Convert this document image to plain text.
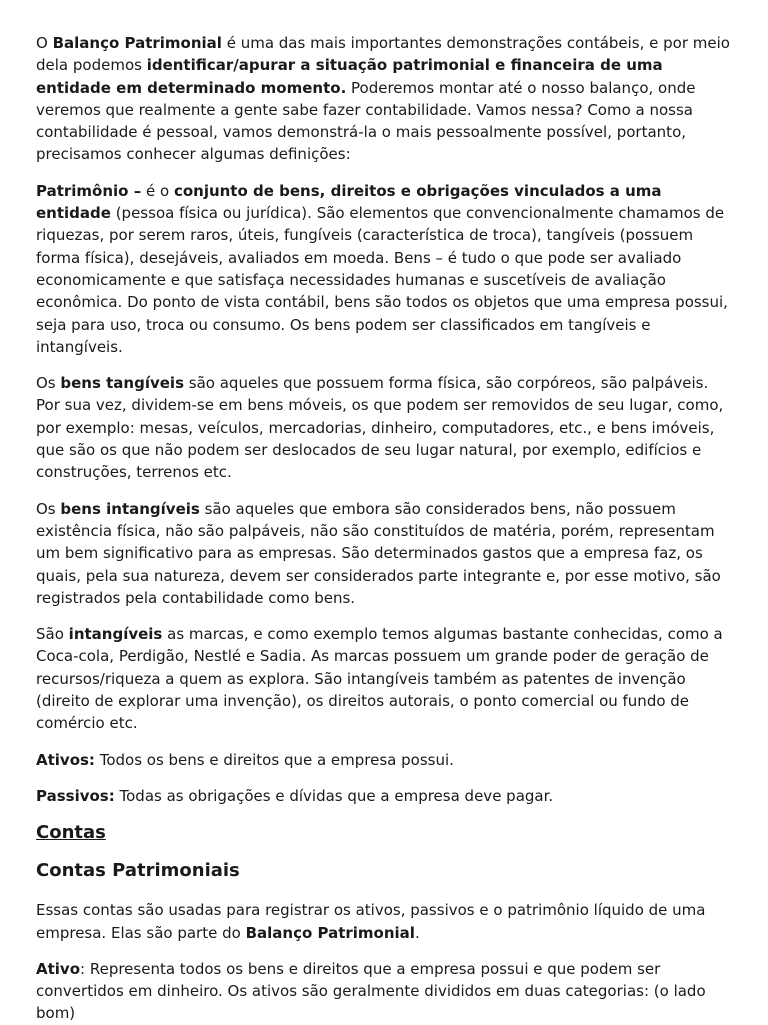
O Balanço Patrimonial é uma das mais importantes demonstrações contábeis, e por meio dela podemos identificar/apurar a situação patrimonial e financeira de uma entidade em determinado momento. Poderemos montar até o nosso balanço, onde veremos que realmente a gente sabe fazer contabilidade. Vamos nessa? Como a nossa contabilidade é pessoal, vamos demonstrá-la o mais pessoalmente possível, portanto, precisamos conhecer algumas definições:

Patrimônio – é o conjunto de bens, direitos e obrigações vinculados a uma entidade (pessoa física ou jurídica). São elementos que convencionalmente chamamos de riquezas, por serem raros, úteis, fungíveis (característica de troca), tangíveis (possuem forma física), desejáveis, avaliados em moeda. Bens – é tudo o que pode ser avaliado economicamente e que satisfaça necessidades humanas e suscetíveis de avaliação econômica. Do ponto de vista contábil, bens são todos os objetos que uma empresa possui, seja para uso, troca ou consumo. Os bens podem ser classificados em tangíveis e intangíveis.

Os bens tangíveis são aqueles que possuem forma física, são corpóreos, são palpáveis. Por sua vez, dividem-se em bens móveis, os que podem ser removidos de seu lugar, como, por exemplo: mesas, veículos, mercadorias, dinheiro, computadores, etc., e bens imóveis, que são os que não podem ser deslocados de seu lugar natural, por exemplo, edifícios e construções, terrenos etc.

Os bens intangíveis são aqueles que embora são considerados bens, não possuem existência física, não são palpáveis, não são constituídos de matéria, porém, representam um bem significativo para as empresas. São determinados gastos que a empresa faz, os quais, pela sua natureza, devem ser considerados parte integrante e, por esse motivo, são registrados pela contabilidade como bens.

São intangíveis as marcas, e como exemplo temos algumas bastante conhecidas, como a Coca-cola, Perdigão, Nestlé e Sadia. As marcas possuem um grande poder de geração de recursos/riqueza a quem as explora. São intangíveis também as patentes de invenção (direito de explorar uma invenção), os direitos autorais, o ponto comercial ou fundo de comércio etc.

Ativos: Todos os bens e direitos que a empresa possui.

Passivos: Todas as obrigações e dívidas que a empresa deve pagar.

Contas
Contas Patrimoniais

Essas contas são usadas para registrar os ativos, passivos e o patrimônio líquido de uma empresa. Elas são parte do Balanço Patrimonial.

Ativo: Representa todos os bens e direitos que a empresa possui e que podem ser convertidos em dinheiro. Os ativos são geralmente divididos em duas categorias: (o lado bom)
